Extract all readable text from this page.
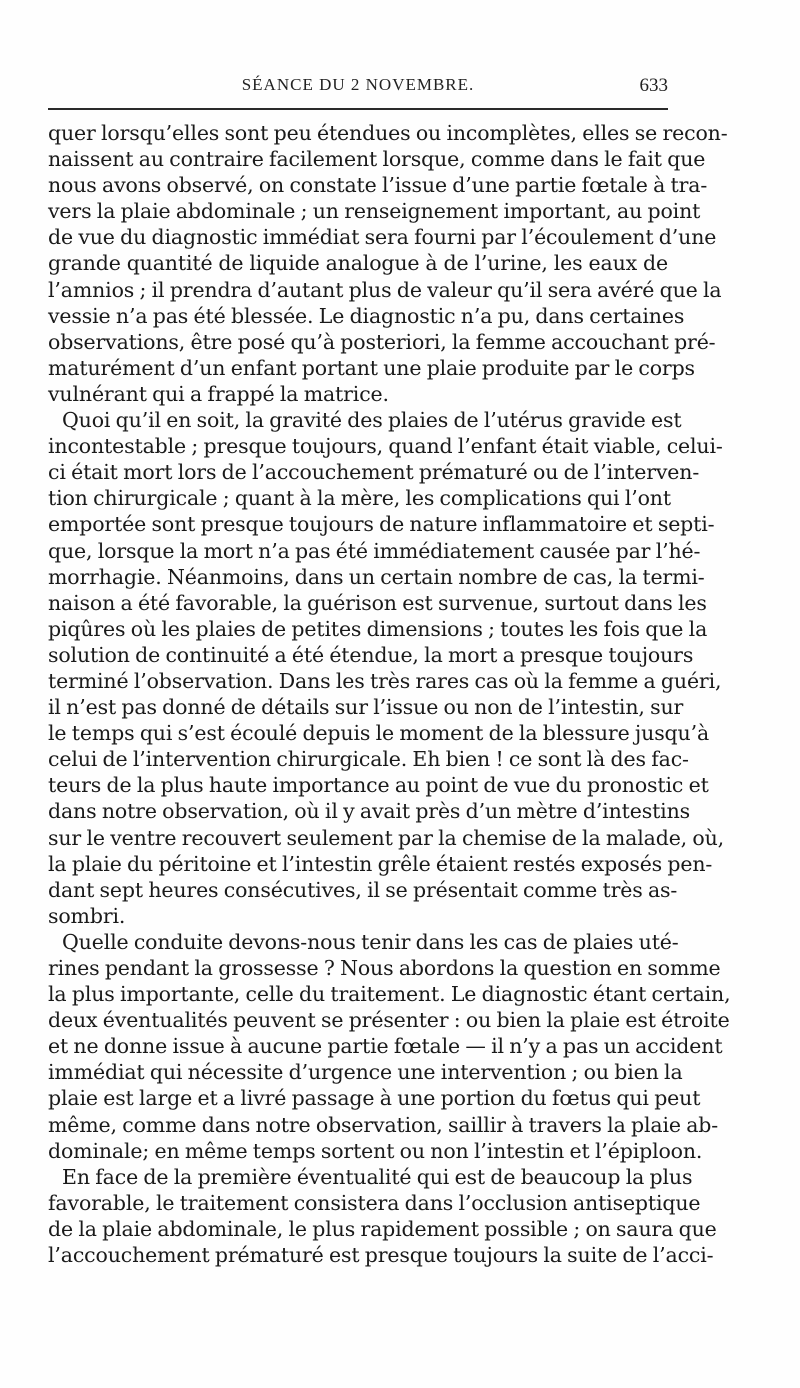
SÉANCE DU 2 NOVEMBRE.	633
quer lorsqu’elles sont peu étendues ou incomplètes, elles se recon-
naissent au contraire facilement lorsque, comme dans le fait que
nous avons observé, on constate l’issue d’une partie fœtale à tra-
vers la plaie abdominale ; un renseignement important, au point
de vue du diagnostic immédiat sera fourni par l’écoulement d’une
grande quantité de liquide analogue à de l’urine, les eaux de
l’amnios ; il prendra d’autant plus de valeur qu’il sera avéré que la
vessie n’a pas été blessée. Le diagnostic n’a pu, dans certaines
observations, être posé qu’à posteriori, la femme accouchant pré-
maturément d’un enfant portant une plaie produite par le corps
vulnérant qui a frappé la matrice.
Quoi qu’il en soit, la gravité des plaies de l’utérus gravide est
incontestable ; presque toujours, quand l’enfant était viable, celui-
ci était mort lors de l’accouchement prématuré ou de l’interven-
tion chirurgicale ; quant à la mère, les complications qui l’ont
emportée sont presque toujours de nature inflammatoire et septi-
que, lorsque la mort n’a pas été immédiatement causée par l’hé-
morrhagie. Néanmoins, dans un certain nombre de cas, la termi-
naison a été favorable, la guérison est survenue, surtout dans les
piqûres où les plaies de petites dimensions ; toutes les fois que la
solution de continuité a été étendue, la mort a presque toujours
terminé l’observation. Dans les très rares cas où la femme a guéri,
il n’est pas donné de détails sur l’issue ou non de l’intestin, sur
le temps qui s’est écoulé depuis le moment de la blessure jusqu’à
celui de l’intervention chirurgicale. Eh bien ! ce sont là des fac-
teurs de la plus haute importance au point de vue du pronostic et
dans notre observation, où il y avait près d’un mètre d’intestins
sur le ventre recouvert seulement par la chemise de la malade, où,
la plaie du péritoine et l’intestin grêle étaient restés exposés pen-
dant sept heures consécutives, il se présentait comme très as-
sombri.
Quelle conduite devons-nous tenir dans les cas de plaies uté-
rines pendant la grossesse ? Nous abordons la question en somme
la plus importante, celle du traitement. Le diagnostic étant certain,
deux éventualités peuvent se présenter : ou bien la plaie est étroite
et ne donne issue à aucune partie fœtale — il n’y a pas un accident
immédiat qui nécessite d’urgence une intervention ; ou bien la
plaie est large et a livré passage à une portion du fœtus qui peut
même, comme dans notre observation, saillir à travers la plaie ab-
dominale; en même temps sortent ou non l’intestin et l’épiploon.
En face de la première éventualité qui est de beaucoup la plus
favorable, le traitement consistera dans l’occlusion antiseptique
de la plaie abdominale, le plus rapidement possible ; on saura que
l’accouchement prématuré est presque toujours la suite de l’acci-
